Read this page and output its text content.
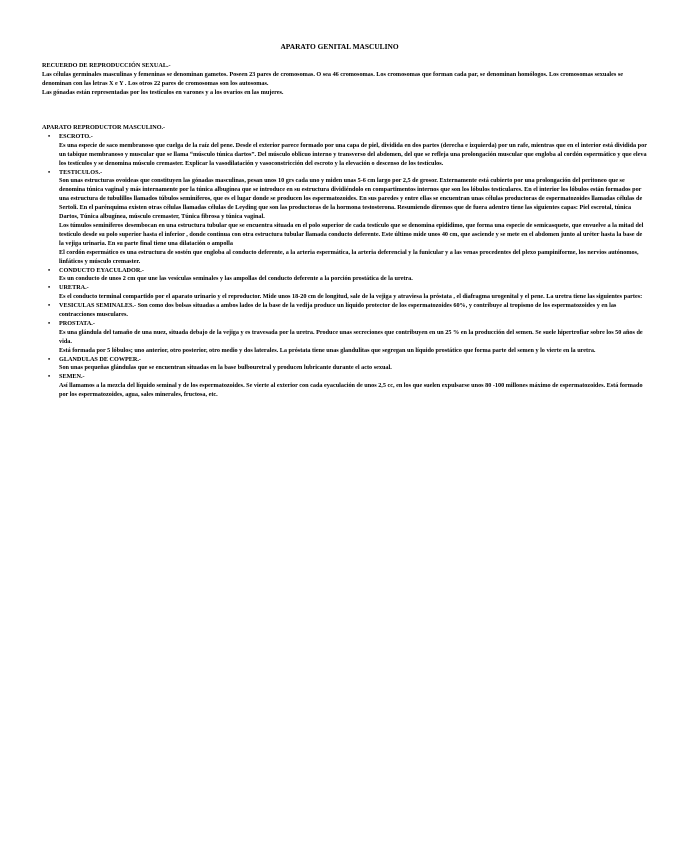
APARATO GENITAL MASCULINO

RECUERDO DE REPRODUCCIÓN SEXUAL.-

Las células germinales masculinas y femeninas se denominan gametos. Poseen 23 pares de cromosomas. O sea 46 cromosomas. Los cromosomas que forman cada par, se denominan homólogos. Los cromosomas sexuales se denominan con las letras X e Y . Los otros 22 pares de cromosomas son los autosomas.

Las gónadas están representadas por los testículos en varones y a los ovarios en las mujeres.

APARATO REPRODUCTOR MASCULINO.-

• ESCROTO.-
Es una especie de saco membranoso que cuelga de la raíz del pene. Desde el exterior parece formado por una capa de piel, dividida en dos partes (derecha e izquierda) por un rafe, mientras que en el interior está dividida por un tabique membranoso y muscular que se llama “músculo túnica dartos”. Del músculo oblicuo interno y transverso del abdomen, del que se refleja una prolongación muscular que engloba al cordón espermático y que eleva los testículos y se denomina músculo cremaster. Explicar la vasodilatación y vasoconstricción del escroto y la elevación o descenso de los testículos.
• TESTICULOS.-
Son unas estructuras ovoideas que constituyen las gónadas masculinas, pesan unos 10 grs cada uno y miden unas 5-6 cm largo por 2,5 de grosor. Externamente está cubierto por una prolongación del peritoneo que se denomina túnica vaginal y más internamente por la túnica albugínea que se introduce en su estructura dividiéndolo en compartimentos internos que son los lóbulos testiculares. En el interior los lóbulos están formados por una estructura de tubulillos llamados túbulos seminíferos, que es el lugar donde se producen los espermatozoides. En sus paredes y entre ellas se encuentran unas células productoras de espermatozoides llamadas células de Sertoli. En el parénquima existen otras células llamadas células de Leyding que son las productoras de la hormona testosterona. Resumiendo diremos que de fuera adentro tiene las siguientes capas: Piel escrotal, túnica Dartos, Túnica albugínea, músculo cremaster, Túnica fibrosa y túnica vaginal.
Los túmulos seminíferos desembocan en una estructura tubular que se encuentra situada en el polo superior de cada testículo que se denomina epidídimo, que forma una especie de semicasquete, que envuelve a la mitad del testículo desde su polo superior hasta el inferior , donde continua con otra estructura tubular llamada conducto deferente. Este último mide unos 40 cm, que asciende y se mete en el abdomen junto al uréter hasta la base de la vejiga urinaria. En su parte final tiene una dilatación o ampolla
El cordón espermático es una estructura de sostén que engloba al conducto deferente, a la arteria espermática, la arteria deferencial y la funicular y a las venas procedentes del plexo pampiniforme, los nervios autónomos, linfáticos y músculo cremaster.
• CONDUCTO EYACULADOR.-
Es un conducto de unos 2 cm que une las vesículas seminales y las ampollas del conducto deferente a la porción prostática de la uretra.
• URETRA.-
Es el conducto terminal compartido por el aparato urinario y el reproductor. Mide unos 18-20 cm de longitud, sale de la vejiga y atraviesa la próstata , el diafragma urogenital y el pene. La uretra tiene las siguientes partes:
• VESICULAS SEMINALES.- Son como dos bolsas situadas a ambos lados de la base de la vedija produce un líquido protector de los espermatozoides 60%, y contribuye al tropismo de los espermatozoides y en las contracciones musculares.
• PROSTATA.-
Es una glándula del tamaño de una nuez, situada debajo de la vejiga y es travesada por la uretra. Produce unas secreciones que contribuyen en un 25 % en la producción del semen. Se suele hipertrofiar sobre los 50 años de vida.
Está formada por 5 lóbulos; uno anterior, otro posterior, otro medio y dos laterales. La próstata tiene unas glandulitas que segregan un líquido prostático que forma parte del semen y lo vierte en la uretra.
• GLANDULAS DE COWPER.-
Son unas pequeñas glándulas que se encuentran situadas en la base bulbouretral y producen lubricante durante el acto sexual.
• SEMEN.-
Así llamamos a la mezcla del líquido seminal y de los espermatozoides. Se vierte al exterior con cada eyaculación de unos 2,5 cc, en los que suelen expulsarse unos 80 -100 millones máximo de espermatozoides. Está formado por los espermatozoides, agua, sales minerales, fructosa, etc.
